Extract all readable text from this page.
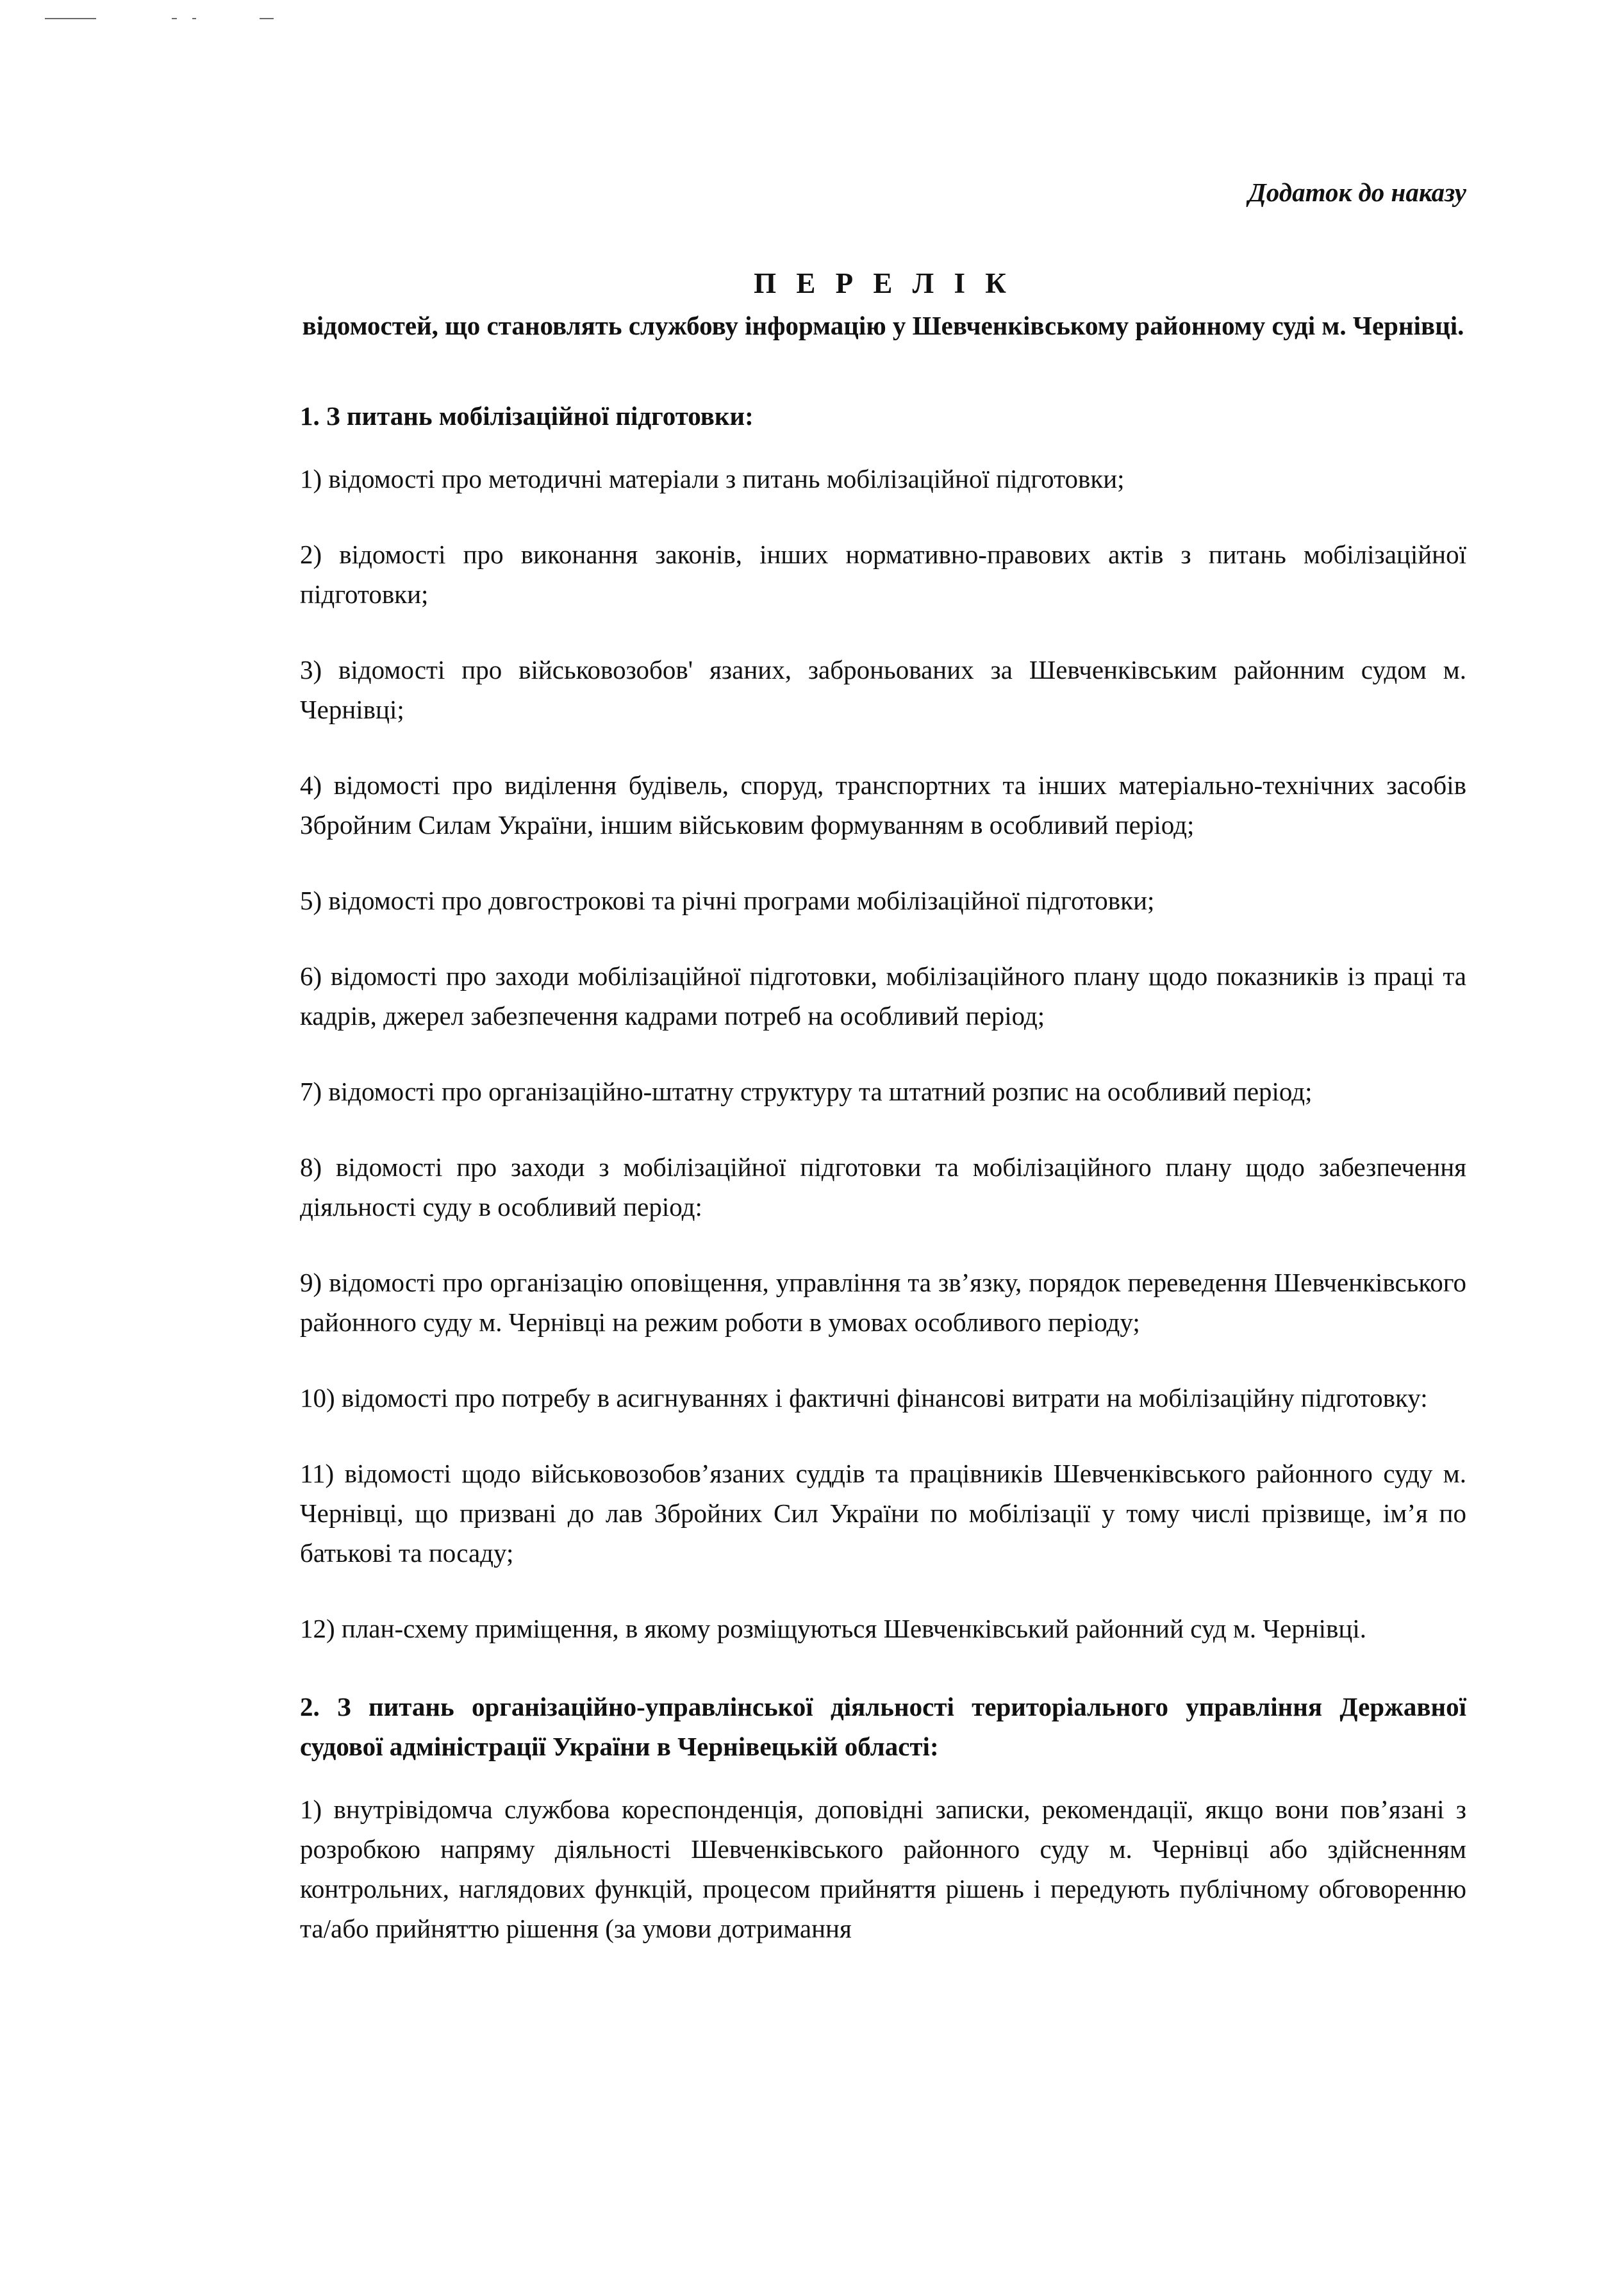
Додаток до наказу

П Е Р Е Л І К

відомостей, що становлять службову інформацію у Шевченківському районному суді м. Чернівці.

1. З питань мобілізаційної підготовки:

1) відомості про методичні матеріали з питань мобілізаційної підготовки;

2) відомості про виконання законів, інших нормативно-правових актів з питань мобілізаційної підготовки;

3) відомості про військовозобов' язаних, заброньованих за Шевченківським районним судом м. Чернівці;

4) відомості про виділення будівель, споруд, транспортних та інших матеріально-технічних засобів Збройним Силам України, іншим військовим формуванням в особливий період;

5) відомості про довгострокові та річні програми мобілізаційної підготовки;

6) відомості про заходи мобілізаційної підготовки, мобілізаційного плану щодо показників із праці та кадрів, джерел забезпечення кадрами потреб на особливий період;

7) відомості про організаційно-штатну структуру та штатний розпис на особливий період;

8) відомості про заходи з мобілізаційної підготовки та мобілізаційного плану щодо забезпечення діяльності суду в особливий період:

9) відомості про організацію оповіщення, управління та зв’язку, порядок переведення Шевченківського районного суду м. Чернівці на режим роботи в умовах особливого періоду;

10) відомості про потребу в асигнуваннях і фактичні фінансові витрати на мобілізаційну підготовку:

11) відомості щодо військовозобов’язаних суддів та працівників Шевченківського районного суду м. Чернівці, що призвані до лав Збройних Сил України по мобілізації у тому числі прізвище, ім’я по батькові та посаду;

12) план-схему приміщення, в якому розміщуються Шевченківський районний суд м. Чернівці.

2. З питань організаційно-управлінської діяльності територіального управління Державної судової адміністрації України в Чернівецькій області:

1) внутрівідомча службова кореспонденція, доповідні записки, рекомендації, якщо вони пов’язані з розробкою напряму діяльності Шевченківського районного суду м. Чернівці або здійсненням контрольних, наглядових функцій, процесом прийняття рішень і передують публічному обговоренню та/або прийняттю рішення (за умови дотримання
